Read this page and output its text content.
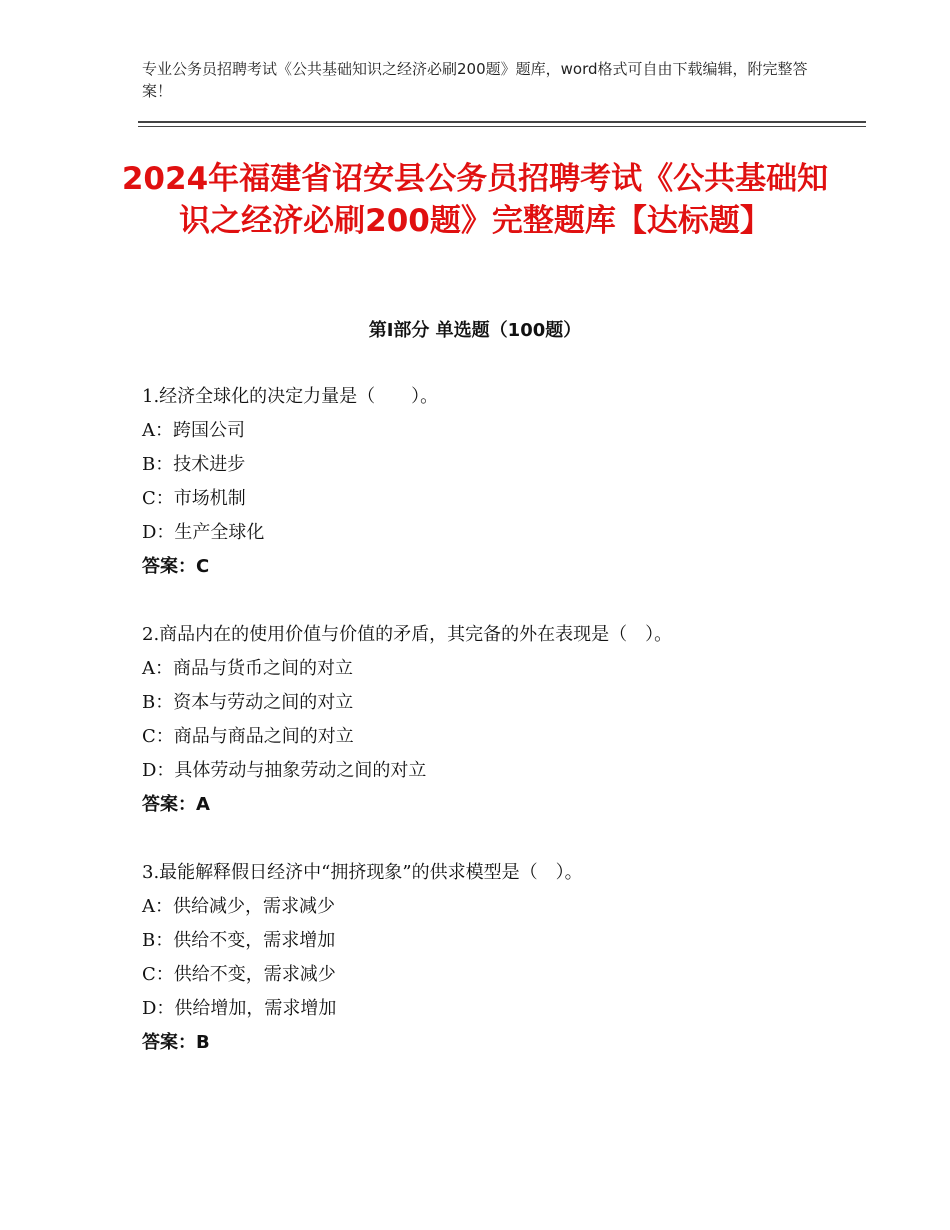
专业公务员招聘考试《公共基础知识之经济必刷200题》题库，word格式可自由下载编辑，附完整答案！
2024年福建省诏安县公务员招聘考试《公共基础知识之经济必刷200题》完整题库【达标题】
第Ⅰ部分 单选题（100题）
1.经济全球化的决定力量是（　　）。
A：跨国公司
B：技术进步
C：市场机制
D：生产全球化
答案：C
2.商品内在的使用价值与价值的矛盾，其完备的外在表现是（　）。
A：商品与货币之间的对立
B：资本与劳动之间的对立
C：商品与商品之间的对立
D：具体劳动与抽象劳动之间的对立
答案：A
3.最能解释假日经济中“拥挤现象”的供求模型是（　）。
A：供给减少，需求减少
B：供给不变，需求增加
C：供给不变，需求减少
D：供给增加，需求增加
答案：B
